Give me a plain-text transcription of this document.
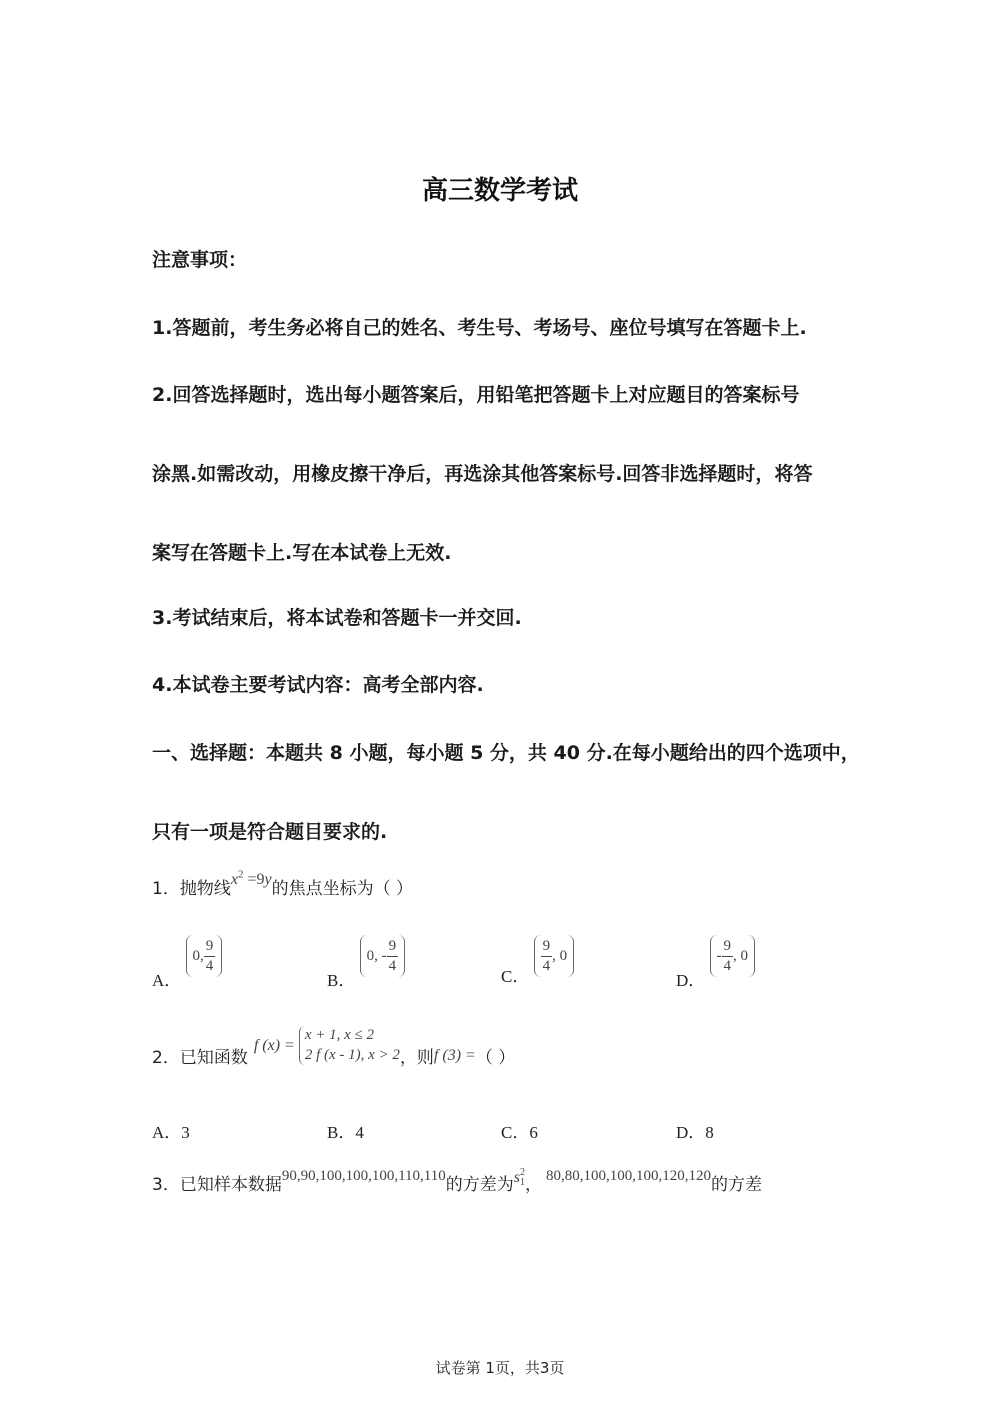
高三数学考试
注意事项：
1.答题前，考生务必将自己的姓名、考生号、考场号、座位号填写在答题卡上.
2.回答选择题时，选出每小题答案后，用铅笔把答题卡上对应题目的答案标号
涂黑.如需改动，用橡皮擦干净后，再选涂其他答案标号.回答非选择题时，将答
案写在答题卡上.写在本试卷上无效.
3.考试结束后，将本试卷和答题卡一并交回.
4.本试卷主要考试内容：高考全部内容.
一、选择题：本题共 8 小题，每小题 5 分，共 40 分.在每小题给出的四个选项中，
只有一项是符合题目要求的.
1．抛物线$x^2 =9y$的焦点坐标为（ ）
A．
0, $\frac{9}{4}$
B．
0, - $\frac{9}{4}$
C．
$\frac{9}{4}$ , 0
D．
- $\frac{9}{4}$ , 0
2．已知函数
f (x) =
x + 1, x ≤ 2
2 f (x - 1), x > 2 ，则 f (3) = （ ）
A．3	B．4	C．6	D．8
3．已知样本数据90,90,100,100,100,110,110的方差为s 2
1 ， 80,80,100,100,100,120,120的方差
试卷第 1页，共3页
